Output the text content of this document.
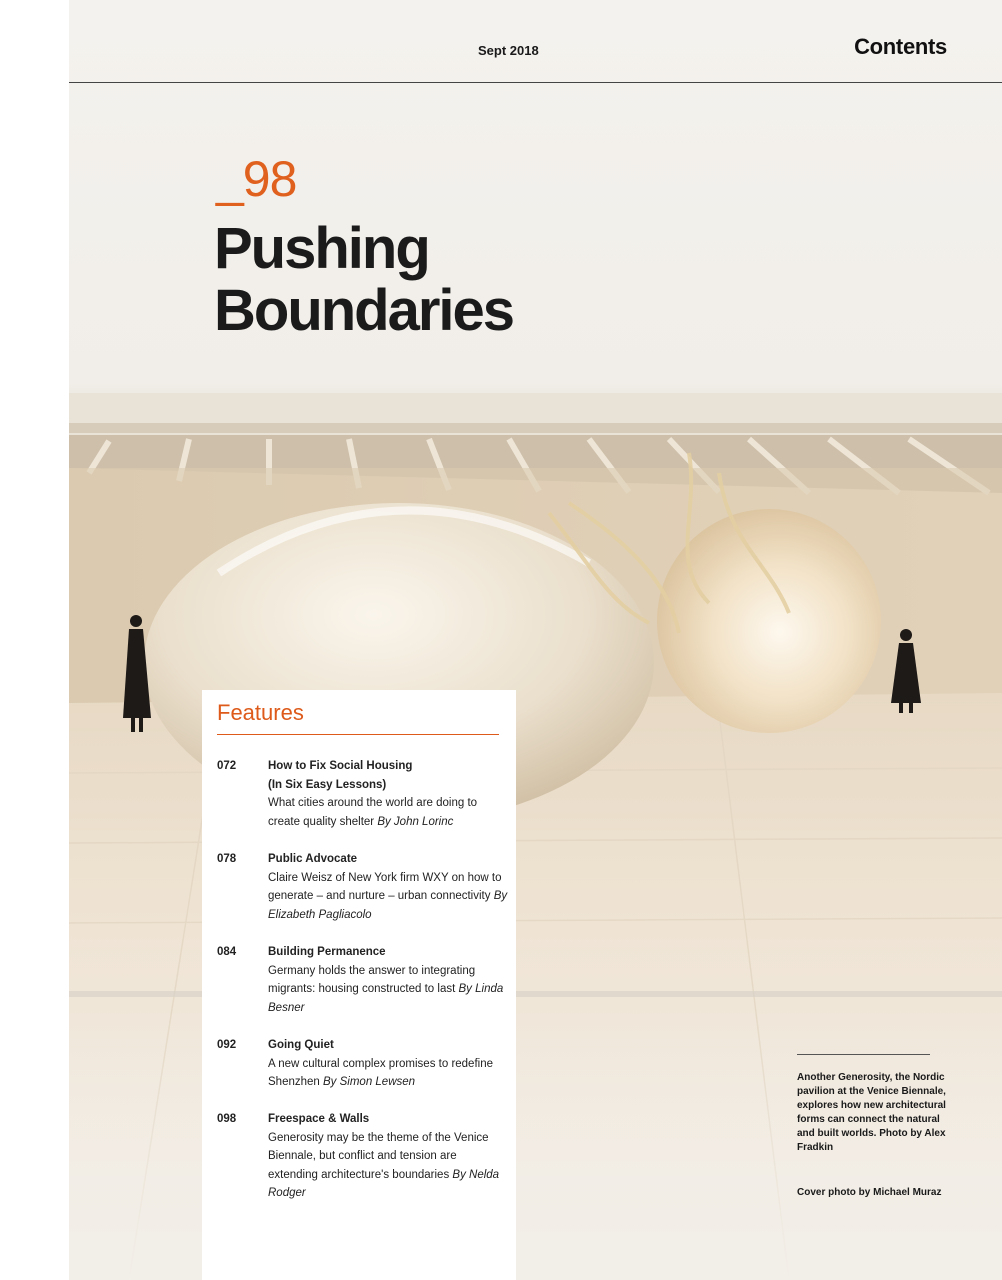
Sept 2018	Contents
_98
Pushing
Boundaries
Features
072	How to Fix Social Housing
(In Six Easy Lessons)
What cities around the world are doing to create quality shelter By John Lorinc
078	Public Advocate
Claire Weisz of New York firm WXY on how to generate – and nurture – urban connectivity By Elizabeth Pagliacolo
084	Building Permanence
Germany holds the answer to integrating migrants: housing constructed to last By Linda Besner
092	Going Quiet
A new cultural complex promises to redefine Shenzhen By Simon Lewsen
098	Freespace & Walls
Generosity may be the theme of the Venice Biennale, but conflict and tension are extending architecture's boundaries By Nelda Rodger
Another Generosity, the Nordic pavilion at the Venice Biennale, explores how new architectural forms can connect the natural and built worlds. Photo by Alex Fradkin
Cover photo by Michael Muraz
